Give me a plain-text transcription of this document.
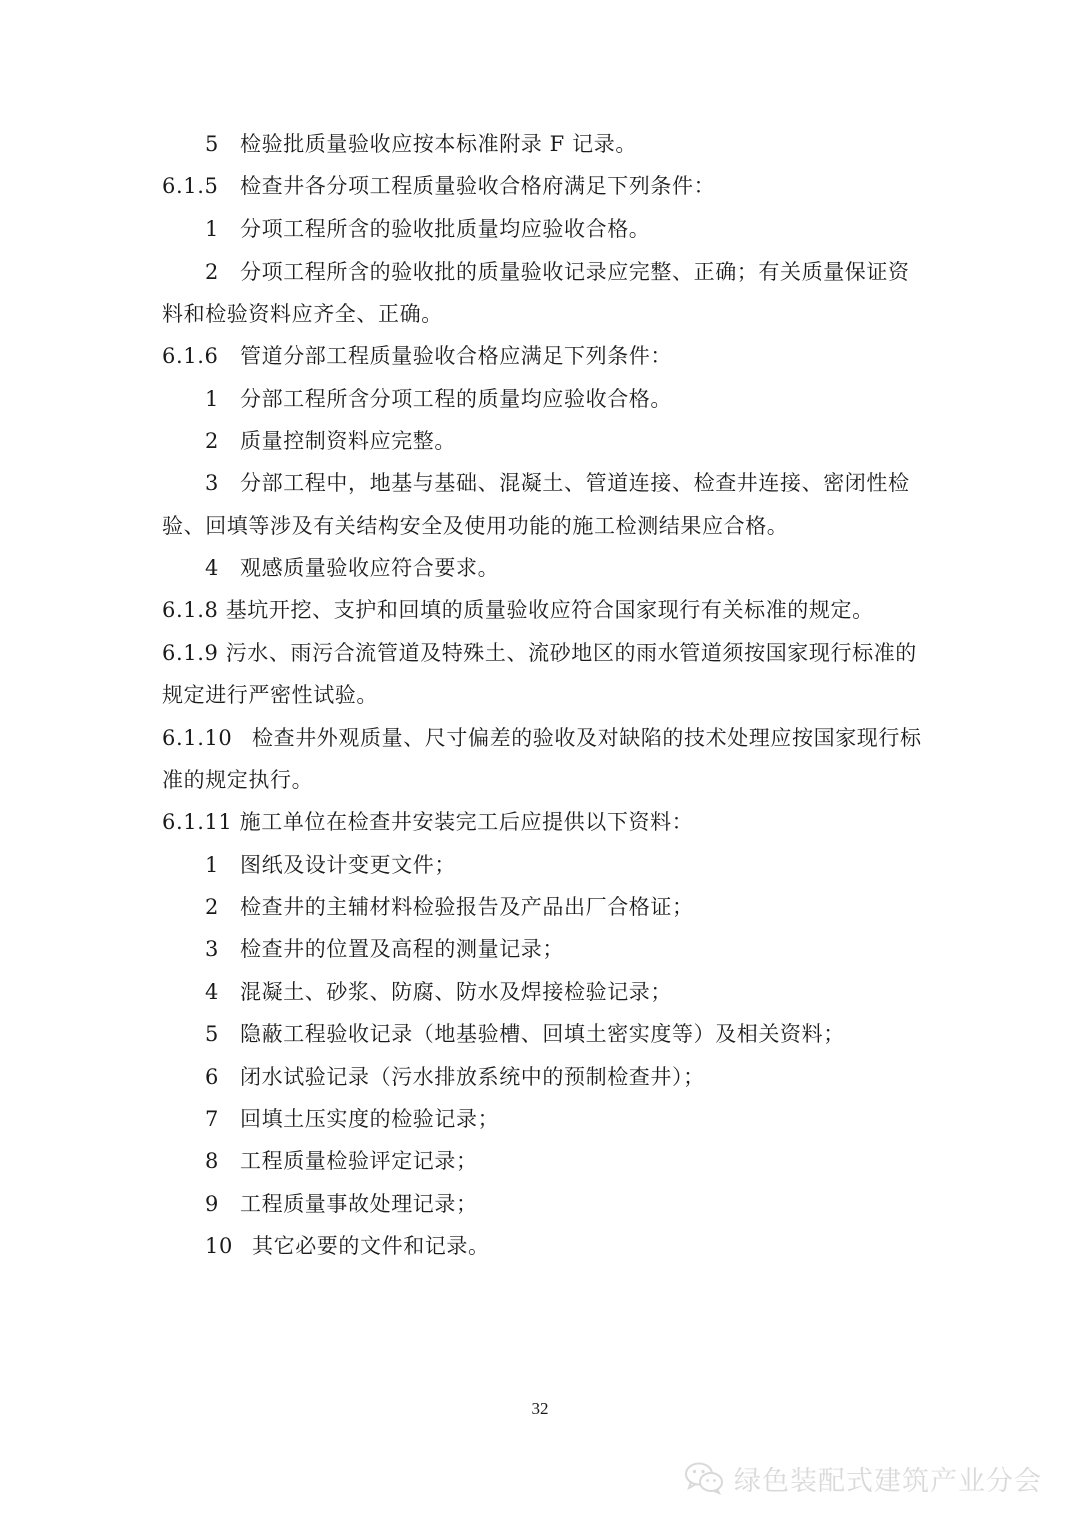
5 检验批质量验收应按本标准附录 F 记录。
6.1.5 检查井各分项工程质量验收合格府满足下列条件：
1 分项工程所含的验收批质量均应验收合格。
2 分项工程所含的验收批的质量验收记录应完整、正确；有关质量保证资
料和检验资料应齐全、正确。
6.1.6 管道分部工程质量验收合格应满足下列条件：
1 分部工程所含分项工程的质量均应验收合格。
2 质量控制资料应完整。
3 分部工程中，地基与基础、混凝土、管道连接、检查井连接、密闭性检
验、回填等涉及有关结构安全及使用功能的施工检测结果应合格。
4 观感质量验收应符合要求。
6.1.8 基坑开挖、支护和回填的质量验收应符合国家现行有关标准的规定。
6.1.9 污水、雨污合流管道及特殊土、流砂地区的雨水管道须按国家现行标准的
规定进行严密性试验。
6.1.10 检查井外观质量、尺寸偏差的验收及对缺陷的技术处理应按国家现行标
准的规定执行。
6.1.11 施工单位在检查井安装完工后应提供以下资料：
1 图纸及设计变更文件；
2 检查井的主辅材料检验报告及产品出厂合格证；
3 检查井的位置及高程的测量记录；
4 混凝土、砂浆、防腐、防水及焊接检验记录；
5 隐蔽工程验收记录（地基验槽、回填土密实度等）及相关资料；
6 闭水试验记录（污水排放系统中的预制检查井）；
7 回填土压实度的检验记录；
8 工程质量检验评定记录；
9 工程质量事故处理记录；
10 其它必要的文件和记录。
32
绿色装配式建筑产业分会
